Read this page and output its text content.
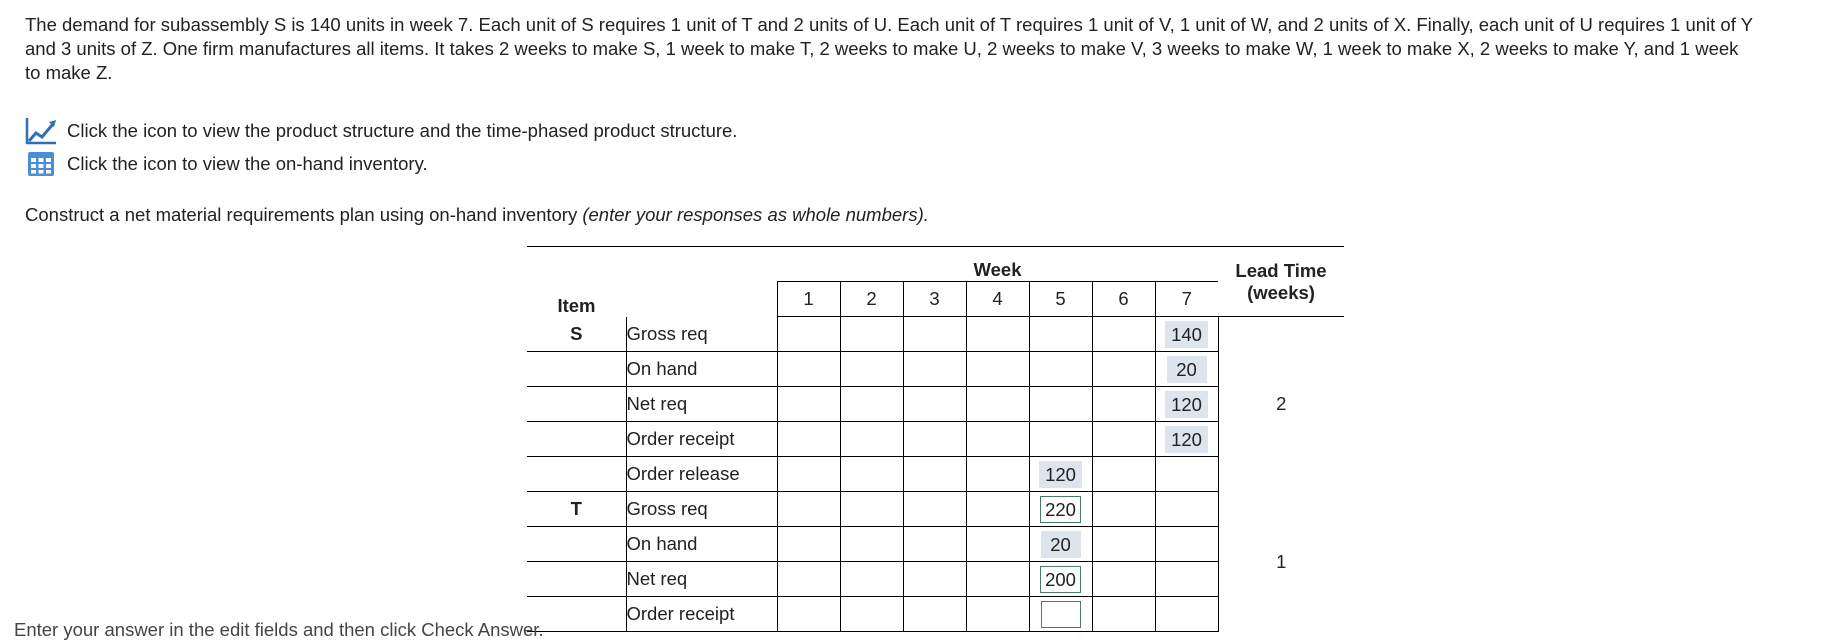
The demand for subassembly S is 140 units in week 7. Each unit of S requires 1 unit of T and 2 units of U. Each unit of T requires 1 unit of V, 1 unit of W, and 2 units of X. Finally, each unit of U requires 1 unit of Y
and 3 units of Z. One firm manufactures all items. It takes 2 weeks to make S, 1 week to make T, 2 weeks to make U, 2 weeks to make V, 3 weeks to make W, 1 week to make X, 2 weeks to make Y, and 1 week
to make Z.
Click the icon to view the product structure and the time-phased product structure.
Click the icon to view the on-hand inventory.
Construct a net material requirements plan using on-hand inventory (enter your responses as whole numbers).
Item		Week							Lead Time
		1	2	3	4	5	6	7	(weeks)
S	Gross req							140	2
	On hand							20	
	Net req							120	
	Order receipt							120	
	Order release					120			
T	Gross req					220			1
	On hand					20			
	Net req					200			
	Order receipt								
Enter your answer in the edit fields and then click Check Answer.
